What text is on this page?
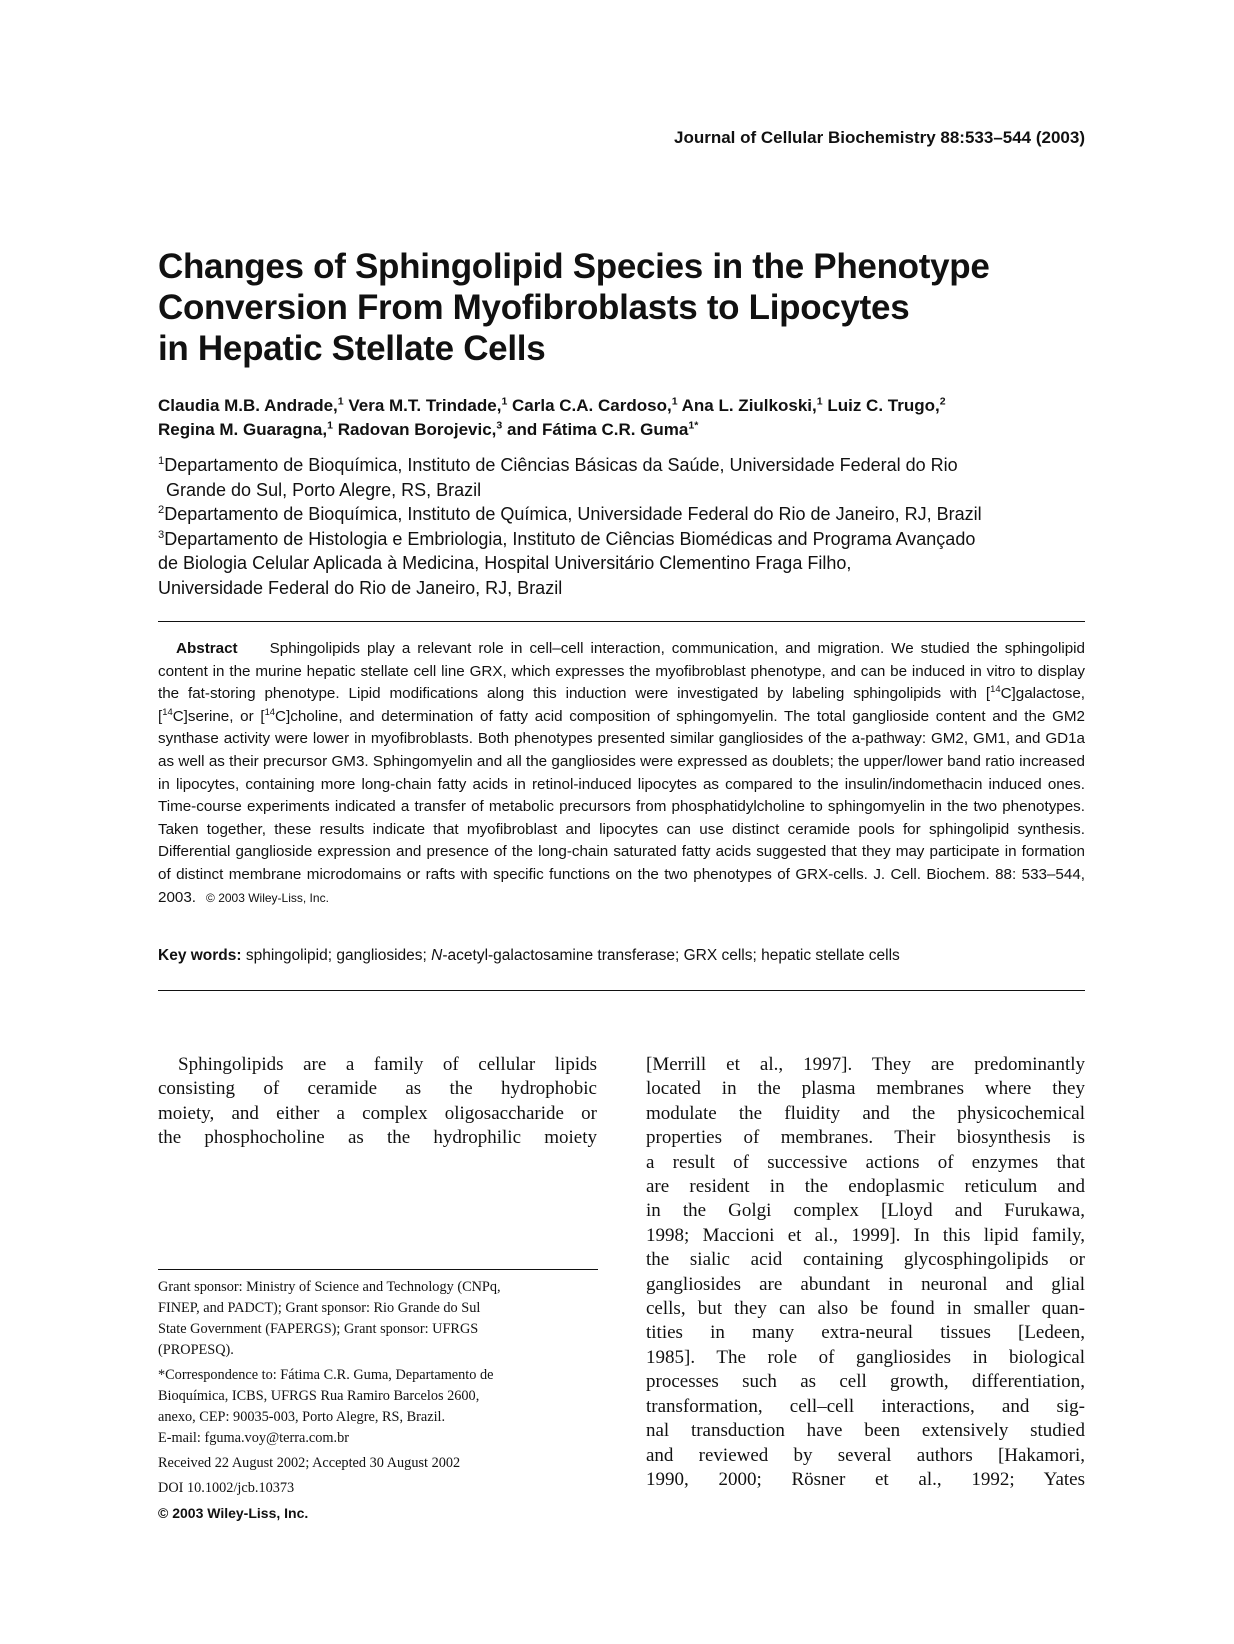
Journal of Cellular Biochemistry 88:533–544 (2003)
Changes of Sphingolipid Species in the Phenotype
Conversion From Myofibroblasts to Lipocytes
in Hepatic Stellate Cells
Claudia M.B. Andrade,$^1$ Vera M.T. Trindade,$^1$ Carla C.A. Cardoso,$^1$ Ana L. Ziulkoski,$^1$ Luiz C. Trugo,$^2$
Regina M. Guaragna,$^1$ Radovan Borojevic,$^3$ and Fátima C.R. Guma$^{1*}$
$^1$Departamento de Bioquímica, Instituto de Ciências Básicas da Saúde, Universidade Federal do Rio
Grande do Sul, Porto Alegre, RS, Brazil
$^2$Departamento de Bioquímica, Instituto de Química, Universidade Federal do Rio de Janeiro, RJ, Brazil
$^3$Departamento de Histologia e Embriologia, Instituto de Ciências Biomédicas and Programa Avançado
de Biologia Celular Aplicada à Medicina, Hospital Universitário Clementino Fraga Filho,
Universidade Federal do Rio de Janeiro, RJ, Brazil
Abstract Sphingolipids play a relevant role in cell–cell interaction, communication, and migration. We studied the sphingolipid content in the murine hepatic stellate cell line GRX, which expresses the myofibroblast phenotype, and can be induced in vitro to display the fat-storing phenotype. Lipid modifications along this induction were investigated by labeling sphingolipids with [$^{14}$C]galactose, [$^{14}$C]serine, or [$^{14}$C]choline, and determination of fatty acid composition of sphingomyelin. The total ganglioside content and the GM2 synthase activity were lower in myofibroblasts. Both phenotypes presented similar gangliosides of the a-pathway: GM2, GM1, and GD1a as well as their precursor GM3. Sphingomyelin and all the gangliosides were expressed as doublets; the upper/lower band ratio increased in lipocytes, containing more long-chain fatty acids in retinol-induced lipocytes as compared to the insulin/indomethacin induced ones. Time-course experiments indicated a transfer of metabolic precursors from phosphatidylcholine to sphingomyelin in the two phenotypes. Taken together, these results indicate that myofibroblast and lipocytes can use distinct ceramide pools for sphingolipid synthesis. Differential ganglioside expression and presence of the long-chain saturated fatty acids suggested that they may participate in formation of distinct membrane microdomains or rafts with specific functions on the two phenotypes of GRX-cells. J. Cell. Biochem. 88: 533–544, 2003. © 2003 Wiley-Liss, Inc.
Key words: sphingolipid; gangliosides; N-acetyl-galactosamine transferase; GRX cells; hepatic stellate cells
Sphingolipids are a family of cellular lipids
consisting of ceramide as the hydrophobic
moiety, and either a complex oligosaccharide or
the phosphocholine as the hydrophilic moiety
[Merrill et al., 1997]. They are predominantly
located in the plasma membranes where they
modulate the fluidity and the physicochemical
properties of membranes. Their biosynthesis is
a result of successive actions of enzymes that
are resident in the endoplasmic reticulum and
in the Golgi complex [Lloyd and Furukawa,
1998; Maccioni et al., 1999]. In this lipid family,
the sialic acid containing glycosphingolipids or
gangliosides are abundant in neuronal and glial
cells, but they can also be found in smaller quan-
tities in many extra-neural tissues [Ledeen,
1985]. The role of gangliosides in biological
processes such as cell growth, differentiation,
transformation, cell–cell interactions, and sig-
nal transduction have been extensively studied
and reviewed by several authors [Hakamori,
1990, 2000; Rösner et al., 1992; Yates

Grant sponsor: Ministry of Science and Technology (CNPq,
FINEP, and PADCT); Grant sponsor: Rio Grande do Sul
State Government (FAPERGS); Grant sponsor: UFRGS
(PROPESQ).

*Correspondence to: Fátima C.R. Guma, Departamento de
Bioquímica, ICBS, UFRGS Rua Ramiro Barcelos 2600,
anexo, CEP: 90035-003, Porto Alegre, RS, Brazil.
E-mail: fguma.voy@terra.com.br

Received 22 August 2002; Accepted 30 August 2002

DOI 10.1002/jcb.10373

© 2003 Wiley-Liss, Inc.
